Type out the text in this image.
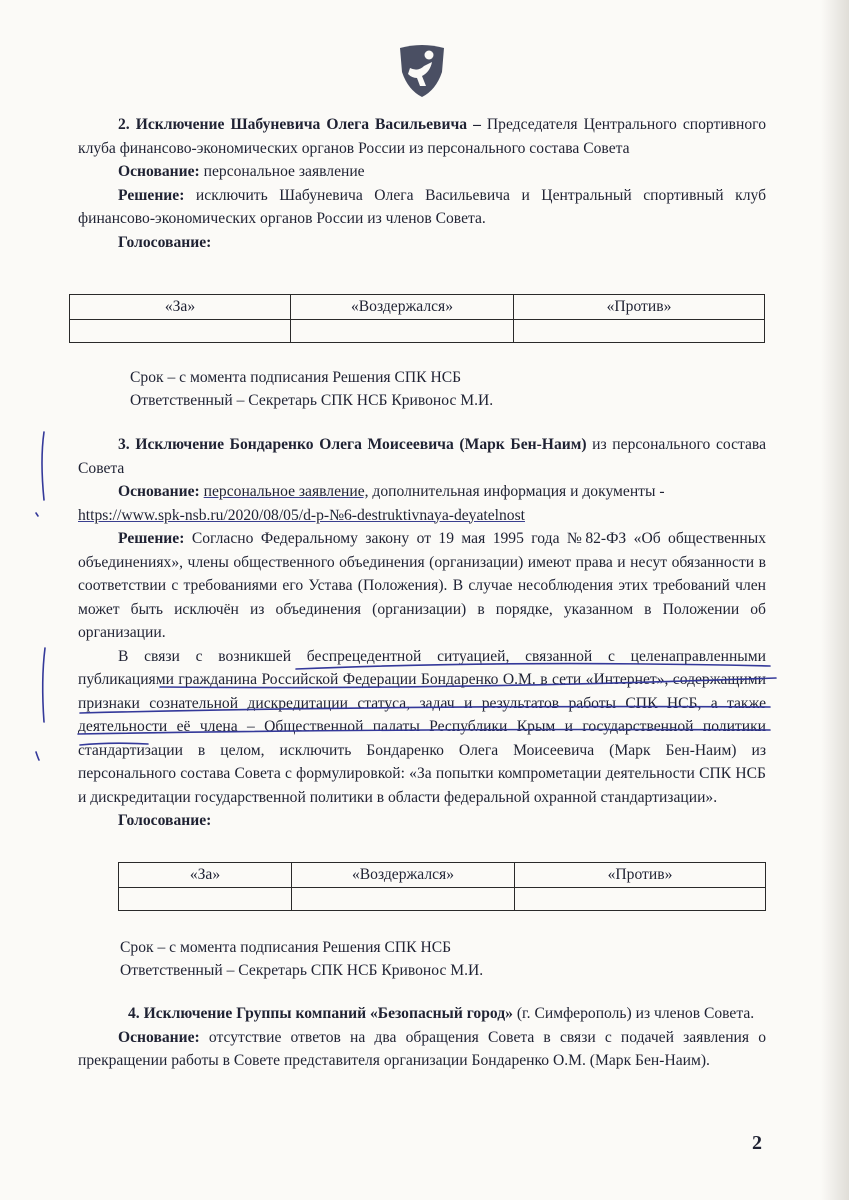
2. Исключение Шабуневича Олега Васильевича – Председателя Центрального спортивного клуба финансово-экономических органов России из персонального состава Совета

Основание: персональное заявление

Решение: исключить Шабуневича Олега Васильевича и Центральный спортивный клуб финансово-экономических органов России из членов Совета.

Голосование:

«За»	«Воздержался»	«Против»

Срок – с момента подписания Решения СПК НСБ
Ответственный – Секретарь СПК НСБ Кривонос М.И.

3. Исключение Бондаренко Олега Моисеевича (Марк Бен-Наим) из персонального состава Совета

Основание: персональное заявление, дополнительная информация и документы -

https://www.spk-nsb.ru/2020/08/05/d-p-№6-destruktivnaya-deyatelnost

Решение: Согласно Федеральному закону от 19 мая 1995 года №82-ФЗ «Об общественных объединениях», члены общественного объединения (организации) имеют права и несут обязанности в соответствии с требованиями его Устава (Положения). В случае несоблюдения этих требований член может быть исключён из объединения (организации) в порядке, указанном в Положении об организации.

В связи с возникшей беспрецедентной ситуацией, связанной с целенаправленными публикациями гражданина Российской Федерации Бондаренко О.М. в сети «Интернет», содержащими признаки сознательной дискредитации статуса, задач и результатов работы СПК НСБ, а также деятельности её члена – Общественной палаты Республики Крым и государственной политики стандартизации в целом, исключить Бондаренко Олега Моисеевича (Марк Бен-Наим) из персонального состава Совета с формулировкой: «За попытки компрометации деятельности СПК НСБ и дискредитации государственной политики в области федеральной охранной стандартизации».

Голосование:

«За»	«Воздержался»	«Против»

Срок – с момента подписания Решения СПК НСБ
Ответственный – Секретарь СПК НСБ Кривонос М.И.

4. Исключение Группы компаний «Безопасный город» (г. Симферополь) из членов Совета.

Основание: отсутствие ответов на два обращения Совета в связи с подачей заявления о прекращении работы в Совете представителя организации Бондаренко О.М. (Марк Бен-Наим).

2
